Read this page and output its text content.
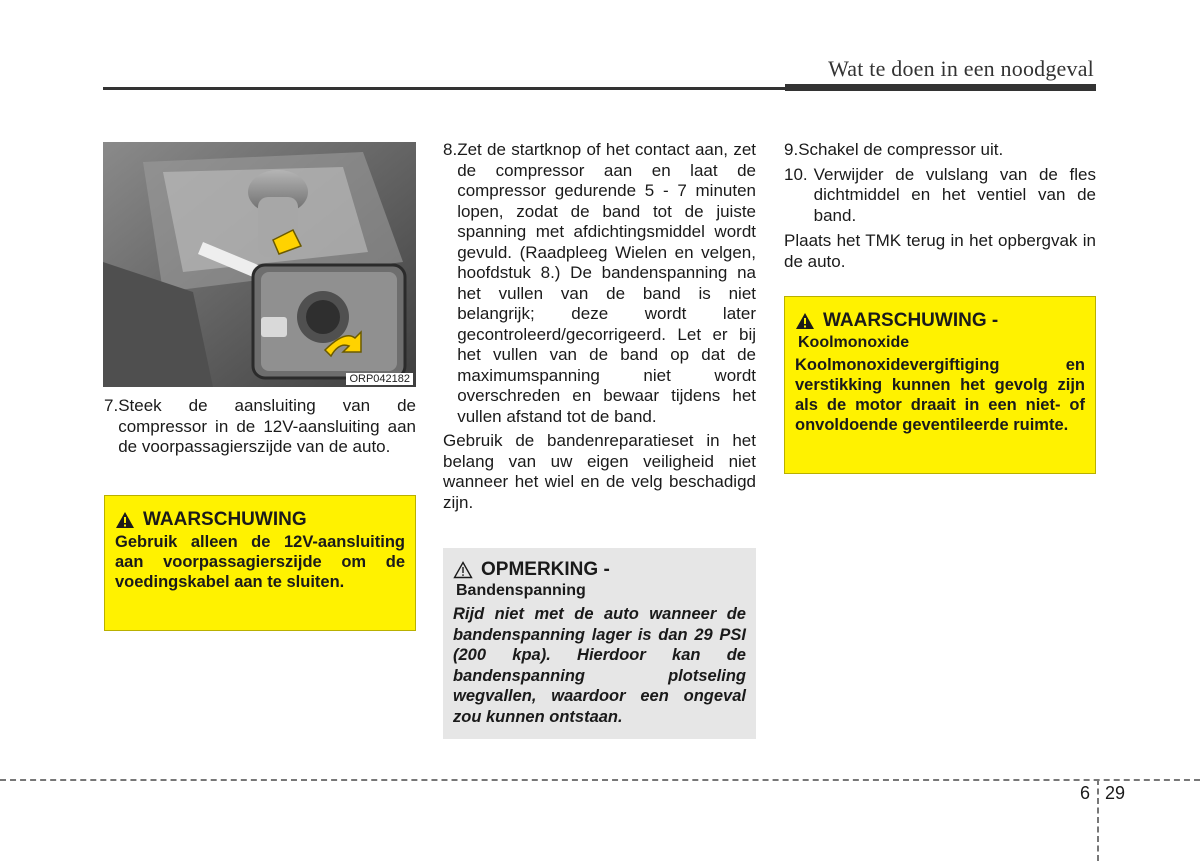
Wat te doen in een noodgeval
ORP042182
7. Steek de aansluiting van de compressor in de 12V-aansluiting aan de voorpassagierszijde van de auto.
WAARSCHUWING
Gebruik alleen de 12V-aansluiting aan voorpassagierszijde om de voedingskabel aan te sluiten.
8. Zet de startknop of het contact aan, zet de compressor aan en laat de compressor gedurende 5 - 7 minuten lopen, zodat de band tot de juiste spanning met afdichtingsmiddel wordt gevuld. (Raadpleeg Wielen en velgen, hoofdstuk 8.) De bandenspanning na het vullen van de band is niet belangrijk; deze wordt later gecontroleerd/gecorrigeerd. Let er bij het vullen van de band op dat de maximumspanning niet wordt overschreden en bewaar tijdens het vullen afstand tot de band.

Gebruik de bandenreparatieset in het belang van uw eigen veiligheid niet wanneer het wiel en de velg beschadigd zijn.

OPMERKING -
Bandenspanning
Rijd niet met de auto wanneer de bandenspanning lager is dan 29 PSI (200 kpa). Hierdoor kan de bandenspanning plotseling wegvallen, waardoor een ongeval zou kunnen ontstaan.
9. Schakel de compressor uit.
10. Verwijder de vulslang van de fles dichtmiddel en het ventiel van de band.

Plaats het TMK terug in het opbergvak in de auto.

WAARSCHUWING -
Koolmonoxide
Koolmonoxidevergiftiging en verstikking kunnen het gevolg zijn als de motor draait in een niet- of onvoldoende geventileerde ruimte.
6 29
